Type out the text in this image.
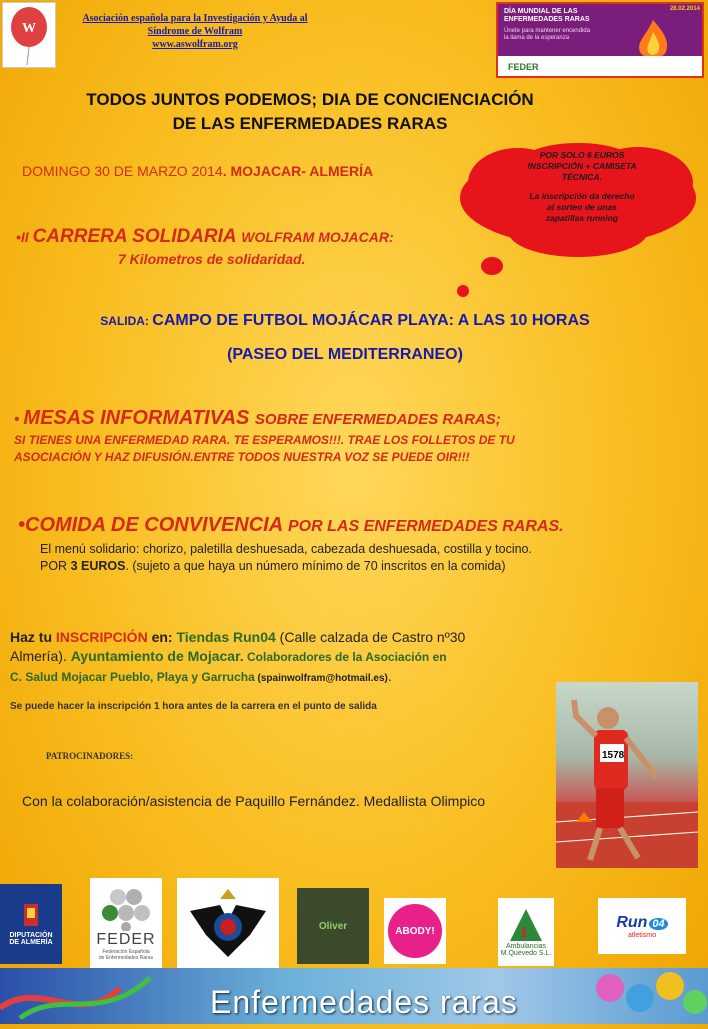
W
Asociación española para la Investigación y Ayuda al
Síndrome de Wolfram
www.aswolfram.org
DÍA MUNDIAL DE LAS
ENFERMEDADES RARAS
Únete para mantener encendida
la llama de la esperanza
28.02.2014
FEDER
TODOS JUNTOS PODEMOS; DIA DE CONCIENCIACIÓN
DE LAS ENFERMEDADES RARAS
DOMINGO 30 DE MARZO 2014. MOJACAR- ALMERÍA
POR SOLO 6 EUROS
INSCRIPCIÓN + CAMISETA
TÉCNICA.
La inscripción da derecho
al sorteo de unas
zapatillas running
•II CARRERA SOLIDARIA WOLFRAM MOJACAR:
7 Kilometros de solidaridad.
SALIDA: CAMPO DE FUTBOL MOJÁCAR PLAYA: A LAS 10 HORAS
(PASEO DEL MEDITERRANEO)
• MESAS INFORMATIVAS SOBRE ENFERMEDADES RARAS;
SI TIENES UNA ENFERMEDAD RARA. TE ESPERAMOS!!!. TRAE LOS FOLLETOS DE TU
ASOCIACIÓN Y HAZ DIFUSIÓN.ENTRE TODOS NUESTRA VOZ SE PUEDE OIR!!!
•COMIDA DE CONVIVENCIA POR LAS ENFERMEDADES RARAS.
El menú solidario: chorizo, paletilla deshuesada, cabezada deshuesada, costilla y tocino.
POR 3 EUROS. (sujeto a que haya un número mínimo de 70 inscritos en la comida)
Haz tu INSCRIPCIÓN en: Tiendas Run04 (Calle calzada de Castro nº30
Almería). Ayuntamiento de Mojacar. Colaboradores de la Asociación en
C. Salud Mojacar Pueblo, Playa y Garrucha (spainwolfram@hotmail.es).
Se puede hacer la inscripción 1 hora antes de la carrera en el punto de salida
PATROCINADORES:
Con la colaboración/asistencia de Paquillo Fernández. Medallista Olimpico
1578
DIPUTACIÓN
DE ALMERÍA	FEDER
Federación Española
de Enfermedades Raras
Oliver	ABODY!	1
Ambulancias
M.Quevedo S.L.
Run 04
atletismo
Enfermedades raras
